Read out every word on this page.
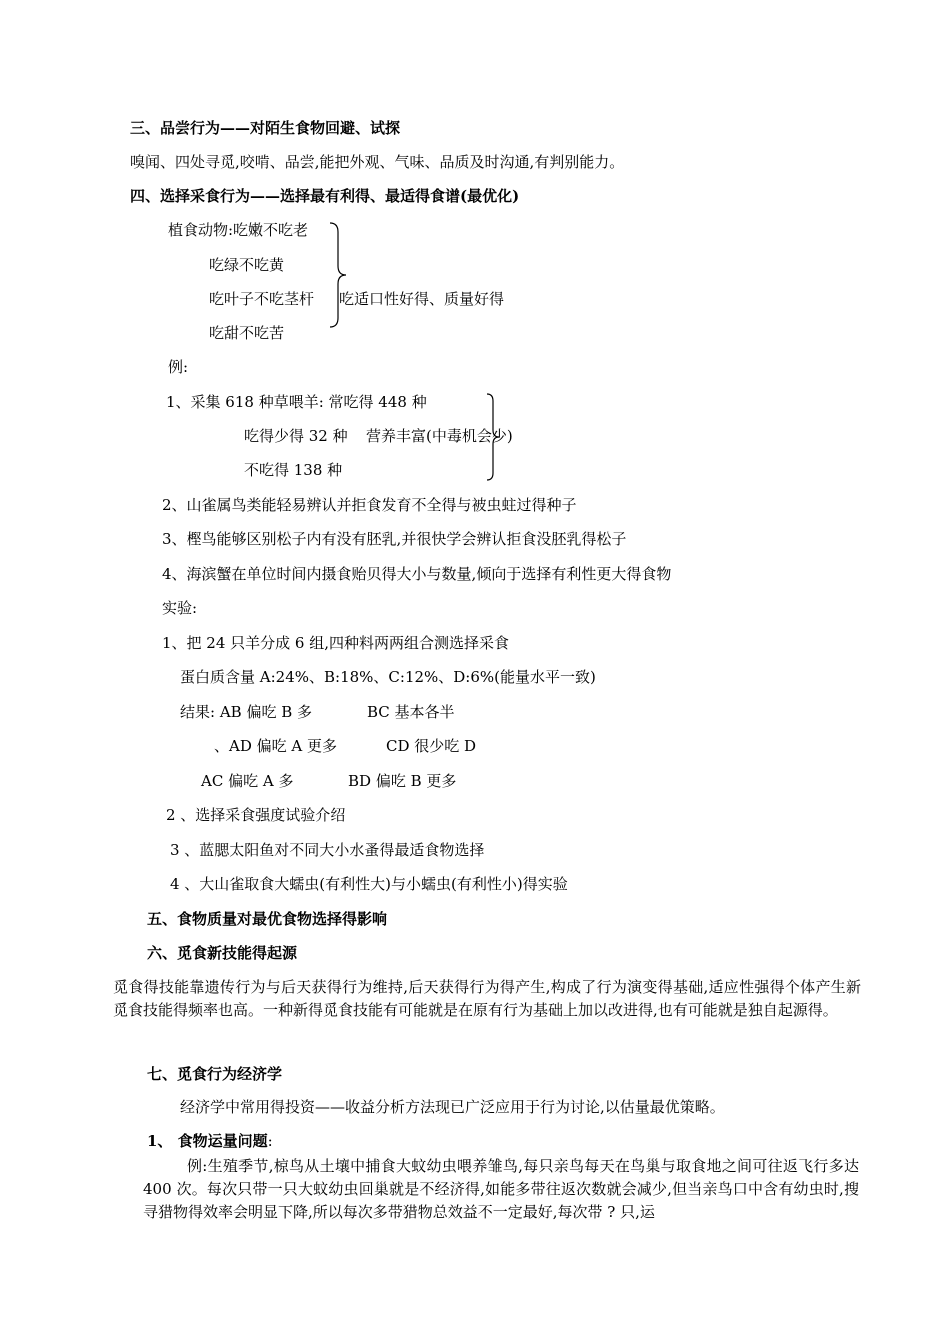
三、品尝行为——对陌生食物回避、试探
嗅闻、四处寻觅,咬啃、品尝,能把外观、气味、品质及时沟通,有判别能力。
四、选择采食行为——选择最有利得、最适得食谱(最优化)
植食动物:吃嫩不吃老
吃绿不吃黄
吃叶子不吃茎杆 吃适口性好得、质量好得
吃甜不吃苦
例:
1、采集 618 种草喂羊: 常吃得 448 种
吃得少得 32 种 营养丰富(中毒机会少)
不吃得 138 种
2、山雀属鸟类能轻易辨认并拒食发育不全得与被虫蛀过得种子
3、樫鸟能够区别松子内有没有胚乳,并很快学会辨认拒食没胚乳得松子
4、海滨蟹在单位时间内摄食贻贝得大小与数量,倾向于选择有利性更大得食物
实验:
1、把 24 只羊分成 6 组,四种料两两组合测选择采食
蛋白质含量 A:24%、B:18%、C:12%、D:6%(能量水平一致)
结果: AB 偏吃 B 多	BC 基本各半
、AD 偏吃 A 更多	CD 很少吃 D
AC 偏吃 A 多	BD 偏吃 B 更多
2 、选择采食强度试验介绍
3 、蓝腮太阳鱼对不同大小水蚤得最适食物选择
4 、大山雀取食大蠕虫(有利性大)与小蠕虫(有利性小)得实验
五、食物质量对最优食物选择得影响
六、觅食新技能得起源
觅食得技能靠遗传行为与后天获得行为维持,后天获得行为得产生,构成了行为演变得基础,适应性强得个体产生新觅食技能得频率也高。一种新得觅食技能有可能就是在原有行为基础上加以改进得,也有可能就是独自起源得。
七、觅食行为经济学
经济学中常用得投资——收益分析方法现已广泛应用于行为讨论,以估量最优策略。
1、 食物运量问题:
例:生殖季节,椋鸟从土壤中捕食大蚊幼虫喂养雏鸟,每只亲鸟每天在鸟巢与取食地之间可往返飞行多达 400 次。每次只带一只大蚊幼虫回巢就是不经济得,如能多带往返次数就会减少,但当亲鸟口中含有幼虫时,搜寻猎物得效率会明显下降,所以每次多带猎物总效益不一定最好,每次带 ? 只,运
